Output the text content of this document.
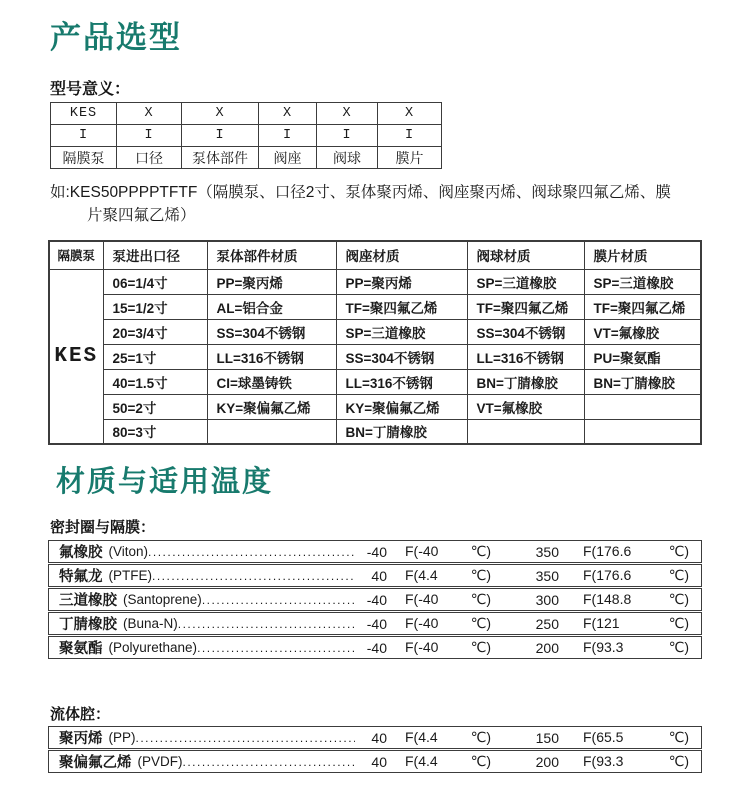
产品选型
型号意义：
KES	X	X	X	X	X
I	I	I	I	I	I
隔膜泵	口径	泵体部件	阀座	阀球	膜片
如:KES50PPPPTFTF（隔膜泵、口径2寸、泵体聚丙烯、阀座聚丙烯、阀球聚四氟乙烯、膜
片聚四氟乙烯）
隔膜泵	泵进出口径	泵体部件材质	阀座材质	阀球材质	膜片材质
KES	06=1/4寸	PP=聚丙烯	PP=聚丙烯	SP=三道橡胶	SP=三道橡胶
	15=1/2寸	AL=铝合金	TF=聚四氟乙烯	TF=聚四氟乙烯	TF=聚四氟乙烯
	20=3/4寸	SS=304不锈钢	SP=三道橡胶	SS=304不锈钢	VT=氟橡胶
	25=1寸	LL=316不锈钢	SS=304不锈钢	LL=316不锈钢	PU=聚氨酯
	40=1.5寸	CI=球墨铸铁	LL=316不锈钢	BN=丁腈橡胶	BN=丁腈橡胶
	50=2寸	KY=聚偏氟乙烯	KY=聚偏氟乙烯	VT=氟橡胶	
	80=3寸		BN=丁腈橡胶		
材质与适用温度
密封圈与隔膜：
氟橡胶 (Viton) .....	-40 F(-40 ℃)	350 F(176.6	℃)
特氟龙 (PTFE) .....	40 F(4.4 ℃)	350 F(176.6	℃)
三道橡胶 (Santoprene) .....	-40 F(-40 ℃)	300 F(148.8	℃)
丁腈橡胶 (Buna-N) .....	-40 F(-40 ℃)	250 F(121	℃)
聚氨酯 (Polyurethane) .....	-40 F(-40 ℃)	200 F(93.3	℃)
流体腔：
聚丙烯 (PP) .....	40 F(4.4 ℃)	150 F(65.5	℃)
聚偏氟乙烯 (PVDF) .....	40 F(4.4 ℃)	200 F(93.3	℃)
